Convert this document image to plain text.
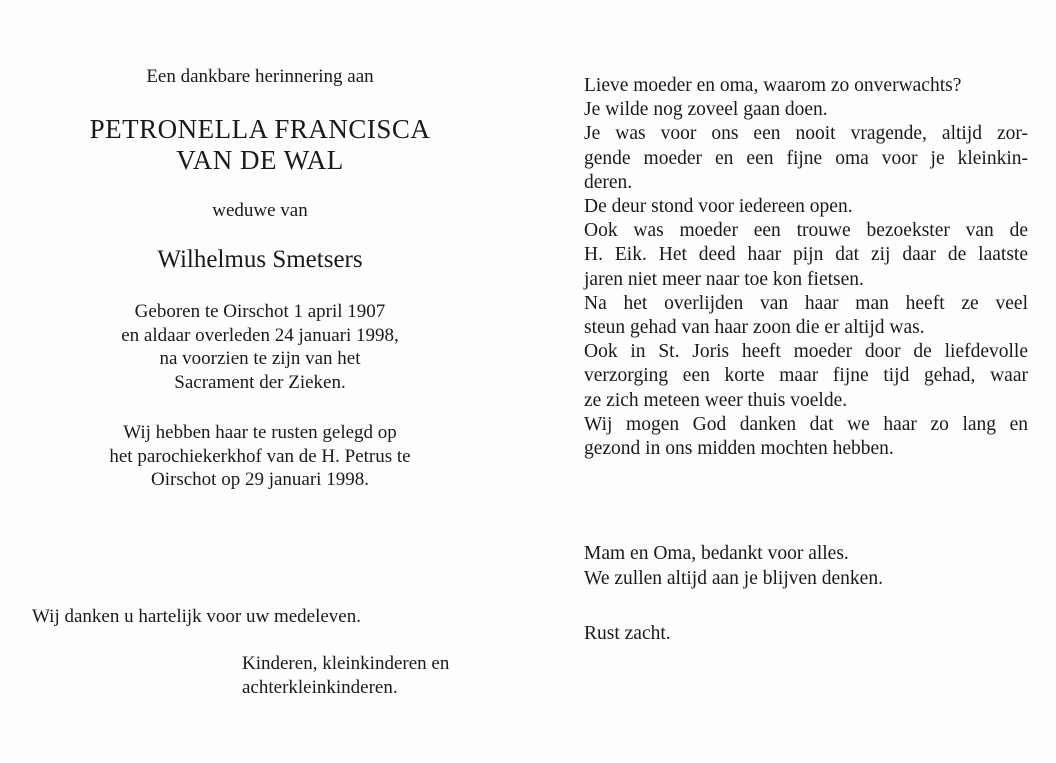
Een dankbare herinnering aan
PETRONELLA FRANCISCA
VAN DE WAL
weduwe van
Wilhelmus Smetsers
Geboren te Oirschot 1 april 1907
en aldaar overleden 24 januari 1998,
na voorzien te zijn van het
Sacrament der Zieken.
Wij hebben haar te rusten gelegd op
het parochiekerkhof van de H. Petrus te
Oirschot op 29 januari 1998.
Wij danken u hartelijk voor uw medeleven.
Kinderen, kleinkinderen en
achterkleinkinderen.
Lieve moeder en oma, waarom zo onverwachts?
Je wilde nog zoveel gaan doen.
Je was voor ons een nooit vragende, altijd zor-
gende moeder en een fijne oma voor je kleinkin-
deren.
De deur stond voor iedereen open.
Ook was moeder een trouwe bezoekster van de
H. Eik. Het deed haar pijn dat zij daar de laatste
jaren niet meer naar toe kon fietsen.
Na het overlijden van haar man heeft ze veel
steun gehad van haar zoon die er altijd was.
Ook in St. Joris heeft moeder door de liefdevolle
verzorging een korte maar fijne tijd gehad, waar
ze zich meteen weer thuis voelde.
Wij mogen God danken dat we haar zo lang en
gezond in ons midden mochten hebben.
Mam en Oma, bedankt voor alles.
We zullen altijd aan je blijven denken.
Rust zacht.
